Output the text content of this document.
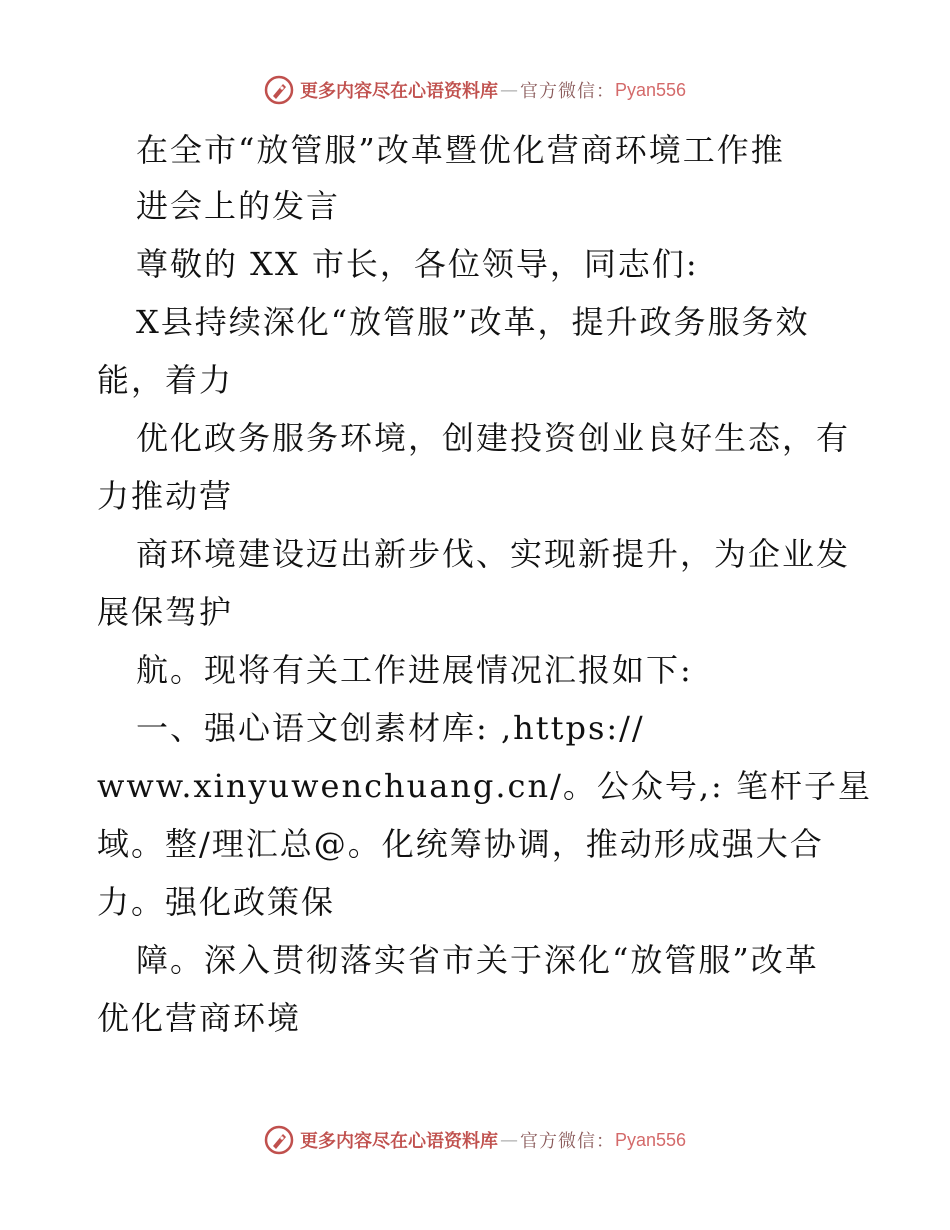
更多内容尽在心语资料库 — 官方微信： Pyan556
在全市“放管服”改革暨优化营商环境工作推
进会上的发言
尊敬的 XX 市长，各位领导，同志们:
X县持续深化“放管服”改革，提升政务服务效
能，着力
优化政务服务环境，创建投资创业良好生态，有
力推动营
商环境建设迈出新步伐、实现新提升，为企业发
展保驾护
航。现将有关工作进展情况汇报如下:
一、强心语文创素材库: ,https://
www.xinyuwenchuang.cn/。公众号,: 笔杆子星
域。整/理汇总@。化统筹协调，推动形成强大合
力。强化政策保
障。深入贯彻落实省市关于深化“放管服”改革
优化营商环境
更多内容尽在心语资料库 — 官方微信： Pyan556
